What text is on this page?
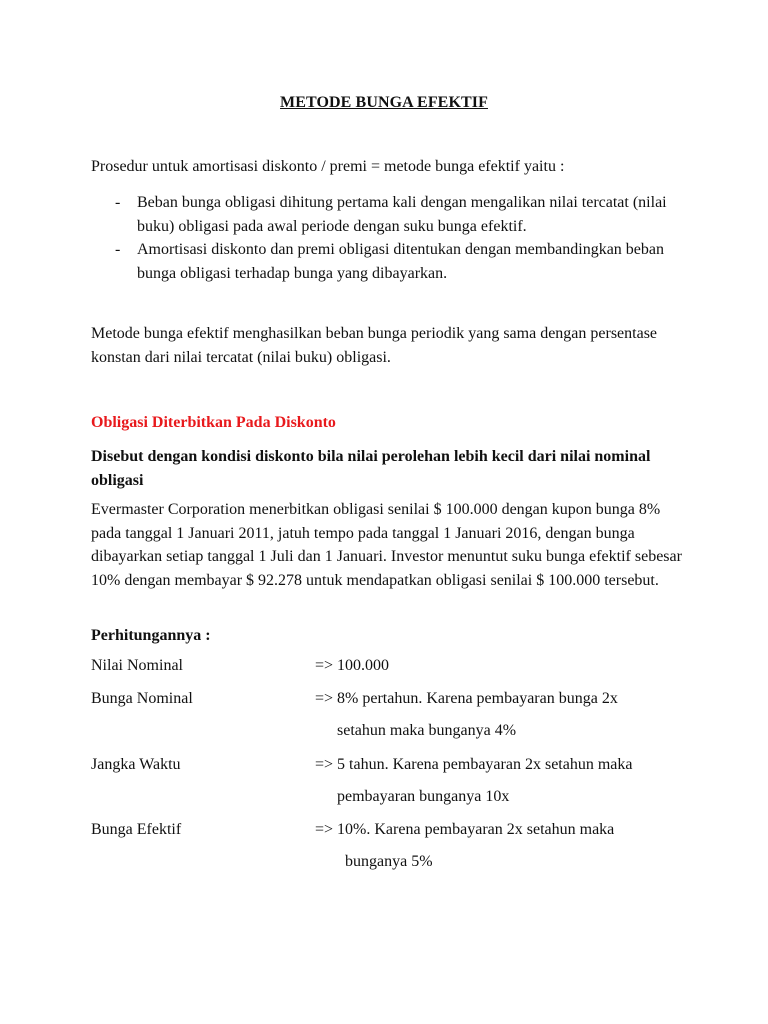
METODE BUNGA EFEKTIF
Prosedur untuk amortisasi diskonto / premi = metode bunga efektif yaitu :
- Beban bunga obligasi dihitung pertama kali dengan mengalikan nilai tercatat (nilai buku) obligasi pada awal periode dengan suku bunga efektif.
- Amortisasi diskonto dan premi obligasi ditentukan dengan membandingkan beban bunga obligasi terhadap bunga yang dibayarkan.
Metode bunga efektif menghasilkan beban bunga periodik yang sama dengan persentase konstan dari nilai tercatat (nilai buku) obligasi.
Obligasi Diterbitkan Pada Diskonto
Disebut dengan kondisi diskonto bila nilai perolehan lebih kecil dari nilai nominal obligasi
Evermaster Corporation menerbitkan obligasi senilai $ 100.000 dengan kupon bunga 8% pada tanggal 1 Januari 2011, jatuh tempo pada tanggal 1 Januari 2016, dengan bunga dibayarkan setiap tanggal 1 Juli dan 1 Januari. Investor menuntut suku bunga efektif sebesar 10% dengan membayar $ 92.278 untuk mendapatkan obligasi senilai $ 100.000 tersebut.
Perhitungannya :
Nilai Nominal	=> 100.000
Bunga Nominal	=> 8% pertahun. Karena pembayaran bunga 2x
setahun maka bunganya 4%
Jangka Waktu	=> 5 tahun. Karena pembayaran 2x setahun maka
pembayaran bunganya 10x
Bunga Efektif	=> 10%. Karena pembayaran 2x setahun maka
bunganya 5%
